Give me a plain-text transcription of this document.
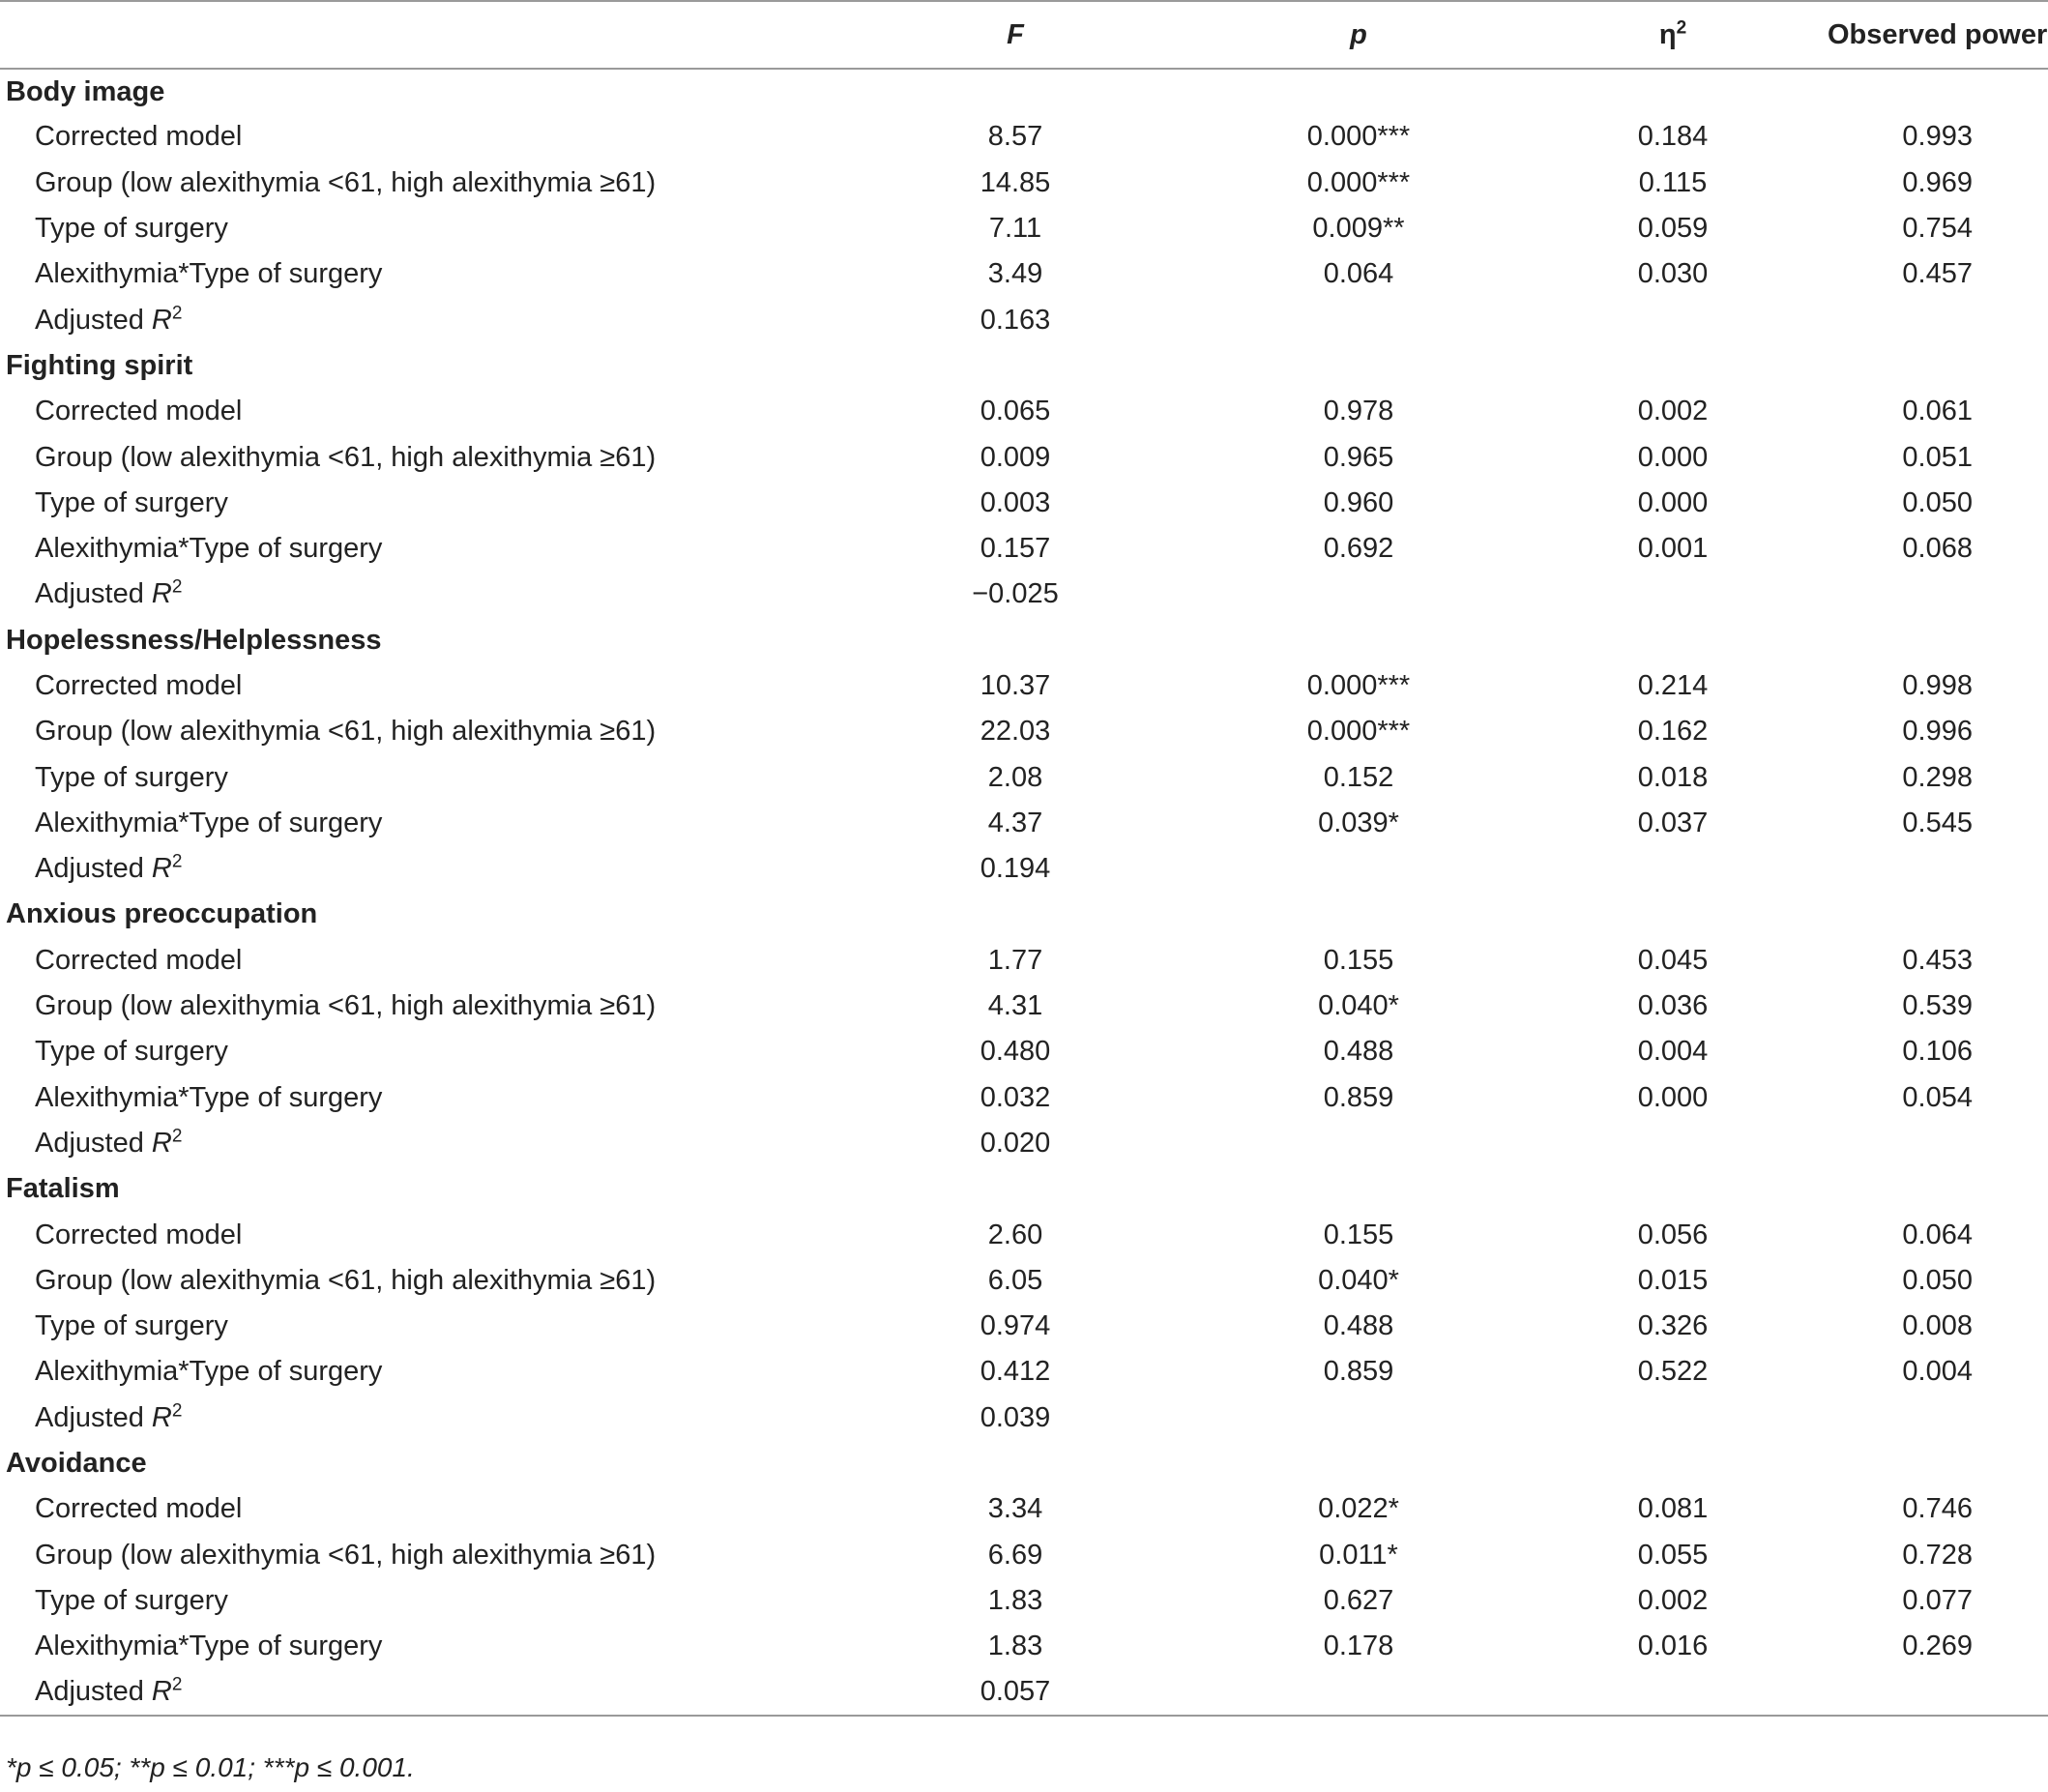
	F	p	$\eta^2$	Observed power
Body image				
Corrected model	8.57	0.000***	0.184	0.993
Group (low alexithymia <61, high alexithymia ≥61)	14.85	0.000***	0.115	0.969
Type of surgery	7.11	0.009**	0.059	0.754
Alexithymia*Type of surgery	3.49	0.064	0.030	0.457
Adjusted $R^2$	0.163			
Fighting spirit				
Corrected model	0.065	0.978	0.002	0.061
Group (low alexithymia <61, high alexithymia ≥61)	0.009	0.965	0.000	0.051
Type of surgery	0.003	0.960	0.000	0.050
Alexithymia*Type of surgery	0.157	0.692	0.001	0.068
Adjusted $R^2$	−0.025			
Hopelessness/Helplessness				
Corrected model	10.37	0.000***	0.214	0.998
Group (low alexithymia <61, high alexithymia ≥61)	22.03	0.000***	0.162	0.996
Type of surgery	2.08	0.152	0.018	0.298
Alexithymia*Type of surgery	4.37	0.039*	0.037	0.545
Adjusted $R^2$	0.194			
Anxious preoccupation				
Corrected model	1.77	0.155	0.045	0.453
Group (low alexithymia <61, high alexithymia ≥61)	4.31	0.040*	0.036	0.539
Type of surgery	0.480	0.488	0.004	0.106
Alexithymia*Type of surgery	0.032	0.859	0.000	0.054
Adjusted $R^2$	0.020			
Fatalism				
Corrected model	2.60	0.155	0.056	0.064
Group (low alexithymia <61, high alexithymia ≥61)	6.05	0.040*	0.015	0.050
Type of surgery	0.974	0.488	0.326	0.008
Alexithymia*Type of surgery	0.412	0.859	0.522	0.004
Adjusted $R^2$	0.039			
Avoidance				
Corrected model	3.34	0.022*	0.081	0.746
Group (low alexithymia <61, high alexithymia ≥61)	6.69	0.011*	0.055	0.728
Type of surgery	1.83	0.627	0.002	0.077
Alexithymia*Type of surgery	1.83	0.178	0.016	0.269
Adjusted $R^2$	0.057			
*p ≤ 0.05; **p ≤ 0.01; ***p ≤ 0.001.
